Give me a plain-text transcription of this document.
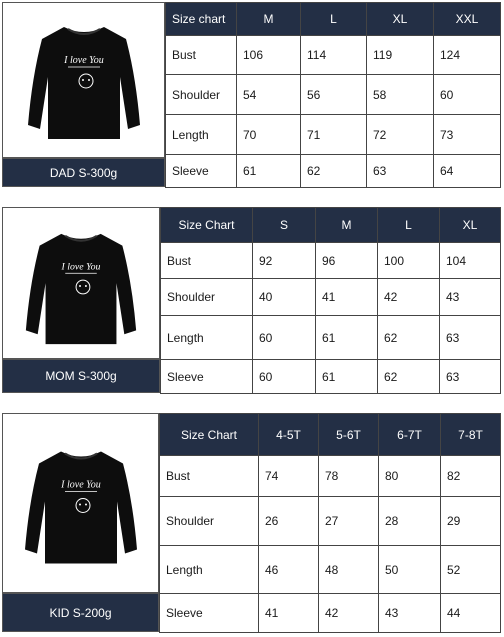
I love You
DAD S-300g
Size chart	M	L	XL	XXL
Bust	106	114	119	124
Shoulder	54	56	58	60
Length	70	71	72	73
Sleeve	61	62	63	64
I love You
MOM S-300g
Size Chart	S	M	L	XL
Bust	92	96	100	104
Shoulder	40	41	42	43
Length	60	61	62	63
Sleeve	60	61	62	63
I love You
KID S-200g
Size Chart	4-5T	5-6T	6-7T	7-8T
Bust	74	78	80	82
Shoulder	26	27	28	29
Length	46	48	50	52
Sleeve	41	42	43	44
